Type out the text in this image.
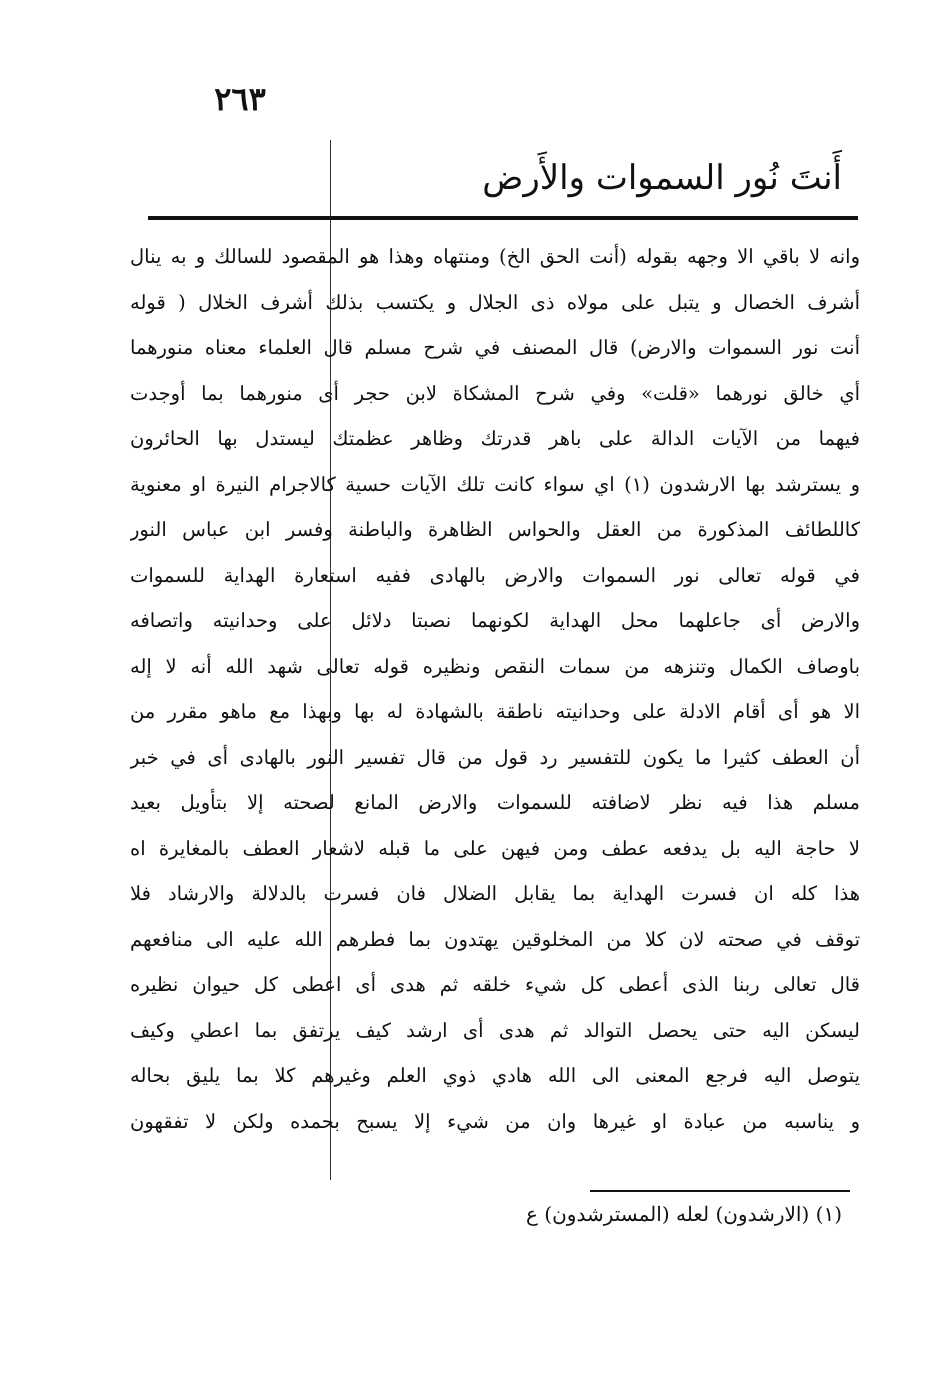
٢٦٣
أَنتَ نُور السموات والأَرض
وانه لا باقي الا وجهه بقوله (أنت الحق الخ) ومنتهاه وهذا هو المقصود للسالك و به ينال
أشرف الخصال و يتبل على مولاه ذى الجلال و يكتسب بذلك أشرف الخلال ( قوله
أنت نور السموات والارض) قال المصنف في شرح مسلم قال العلماء معناه منورهما
أي خالق نورهما «قلت» وفي شرح المشكاة لابن حجر أى منورهما بما أوجدت
فيهما من الآيات الدالة على باهر قدرتك وظاهر عظمتك ليستدل بها الحائرون
و يسترشد بها الارشدون (١) اي سواء كانت تلك الآيات حسية كالاجرام النيرة او معنوية
كاللطائف المذكورة من العقل والحواس الظاهرة والباطنة وفسر ابن عباس النور
في قوله تعالى نور السموات والارض بالهادى ففيه استعارة الهداية للسموات
والارض أى جاعلهما محل الهداية لكونهما نصبتا دلائل على وحدانيته واتصافه
باوصاف الكمال وتنزهه من سمات النقص ونظيره قوله تعالى شهد الله أنه لا إله
الا هو أى أقام الادلة على وحدانيته ناطقة بالشهادة له بها وبهذا مع ماهو مقرر من
أن العطف كثيرا ما يكون للتفسير رد قول من قال تفسير النور بالهادى أى في خبر
مسلم هذا فيه نظر لاضافته للسموات والارض المانع لصحته إلا بتأويل بعيد
لا حاجة اليه بل يدفعه عطف ومن فيهن على ما قبله لاشعار العطف بالمغايرة اه
هذا كله ان فسرت الهداية بما يقابل الضلال فان فسرت بالدلالة والارشاد فلا
توقف في صحته لان كلا من المخلوقين يهتدون بما فطرهم الله عليه الى منافعهم
قال تعالى ربنا الذى أعطى كل شيء خلقه ثم هدى أى اعطى كل حيوان نظيره
ليسكن اليه حتى يحصل التوالد ثم هدى أى ارشد كيف يرتفق بما اعطي وكيف
يتوصل اليه فرجع المعنى الى الله هادي ذوي العلم وغيرهم كلا بما يليق بحاله
و يناسبه من عبادة او غيرها وان من شيء إلا يسبح بحمده ولكن لا تفقهون
(١) (الارشدون) لعله (المسترشدون) ع
